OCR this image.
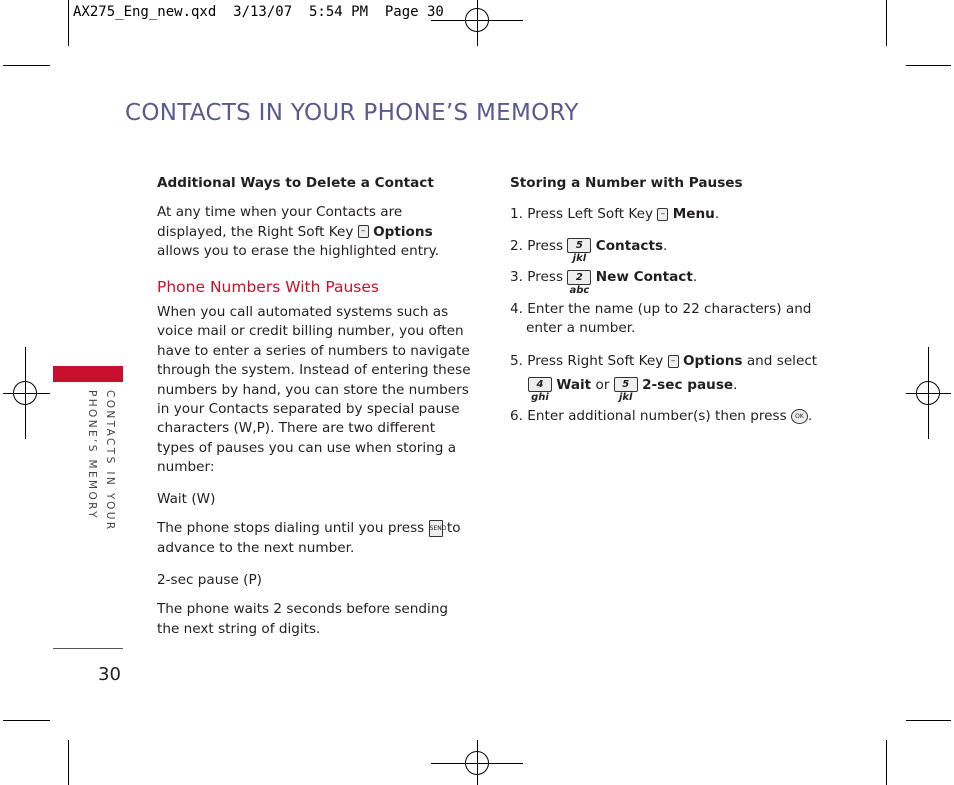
AX275_Eng_new.qxd  3/13/07  5:54 PM  Page 30
CONTACTS IN YOUR PHONE’S MEMORY
CONTACTS IN YOUR
PHONE’S MEMORY
30

Additional Ways to Delete a Contact

At any time when your Contacts are displayed, the Right Soft Key – Options allows you to erase the highlighted entry.

Phone Numbers With Pauses

When you call automated systems such as voice mail or credit billing number, you often have to enter a series of numbers to navigate through the system. Instead of entering these numbers by hand, you can store the numbers in your Contacts separated by special pause characters (W,P). There are two different types of pauses you can use when storing a number:

Wait (W)

The phone stops dialing until you press SEND to advance to the next number.

2-sec pause (P)

The phone waits 2 seconds before sending the next string of digits.

Storing a Number with Pauses

1. Press Left Soft Key – Menu.

2. Press 5 jkl Contacts.

3. Press 2 abc New Contact.

4. Enter the name (up to 22 characters) and enter a number.

5. Press Right Soft Key – Options and select

4 ghi Wait or 5 jkl 2-sec pause.

6. Enter additional number(s) then press OK .
